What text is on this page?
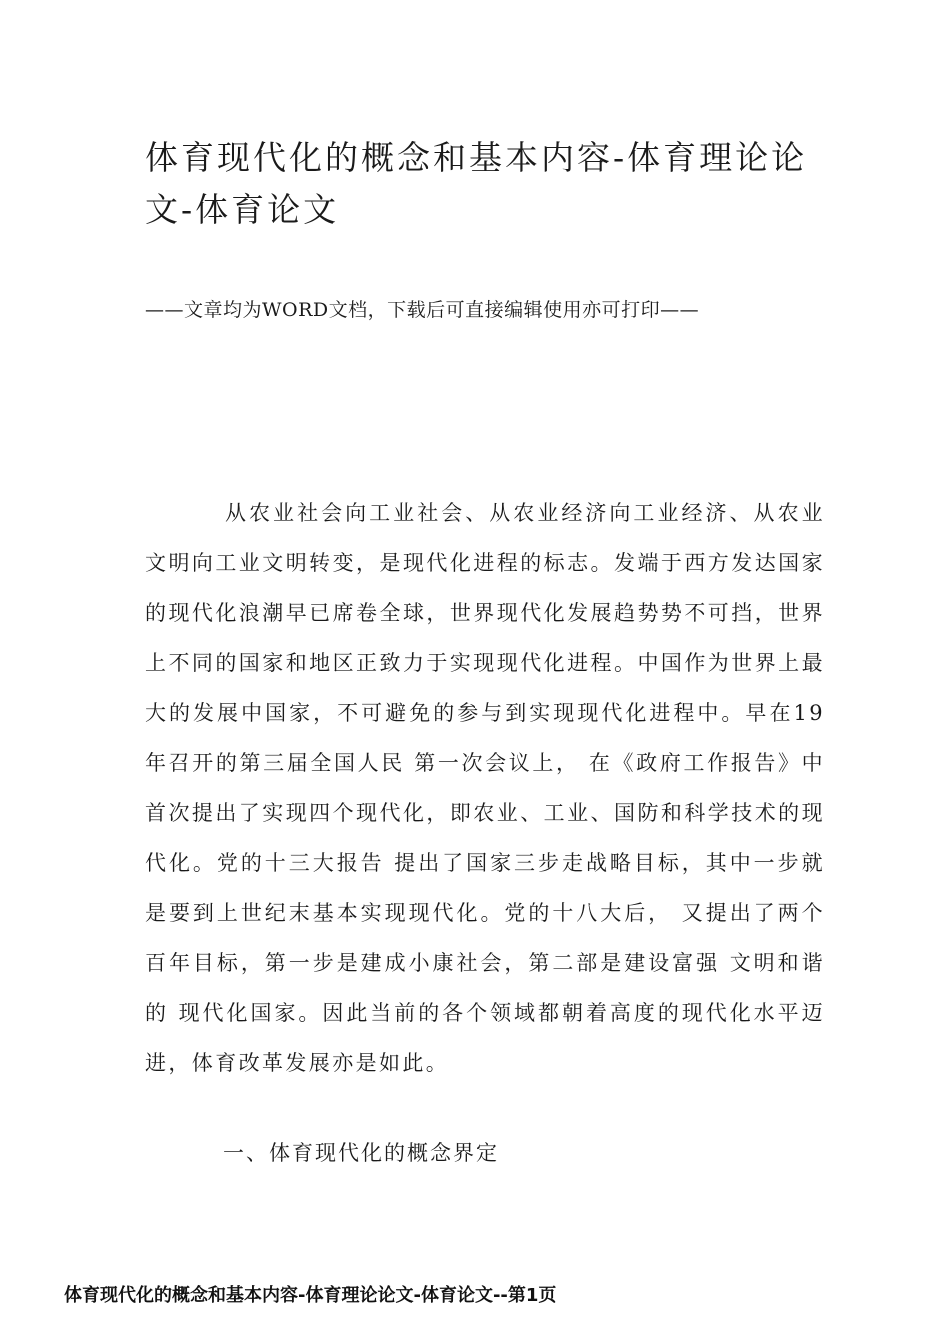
体育现代化的概念和基本内容-体育理论论文-体育论文
——文章均为WORD文档，下载后可直接编辑使用亦可打印——

从农业社会向工业社会、从农业经济向工业经济、从农业文明向工业文明转变，是现代化进程的标志。发端于西方发达国家的现代化浪潮早已席卷全球，世界现代化发展趋势势不可挡，世界上不同的国家和地区正致力于实现现代化进程。中国作为世界上最大的发展中国家，不可避免的参与到实现现代化进程中。早在19 年召开的第三届全国人民 第一次会议上， 在《政府工作报告》中首次提出了实现四个现代化，即农业、工业、国防和科学技术的现代化。党的十三大报告 提出了国家三步走战略目标，其中一步就是要到上世纪末基本实现现代化。党的十八大后， 又提出了两个百年目标，第一步是建成小康社会，第二部是建设富强 文明和谐的 现代化国家。因此当前的各个领域都朝着高度的现代化水平迈进，体育改革发展亦是如此。

一、体育现代化的概念界定
体育现代化的概念和基本内容-体育理论论文-体育论文--第1页
